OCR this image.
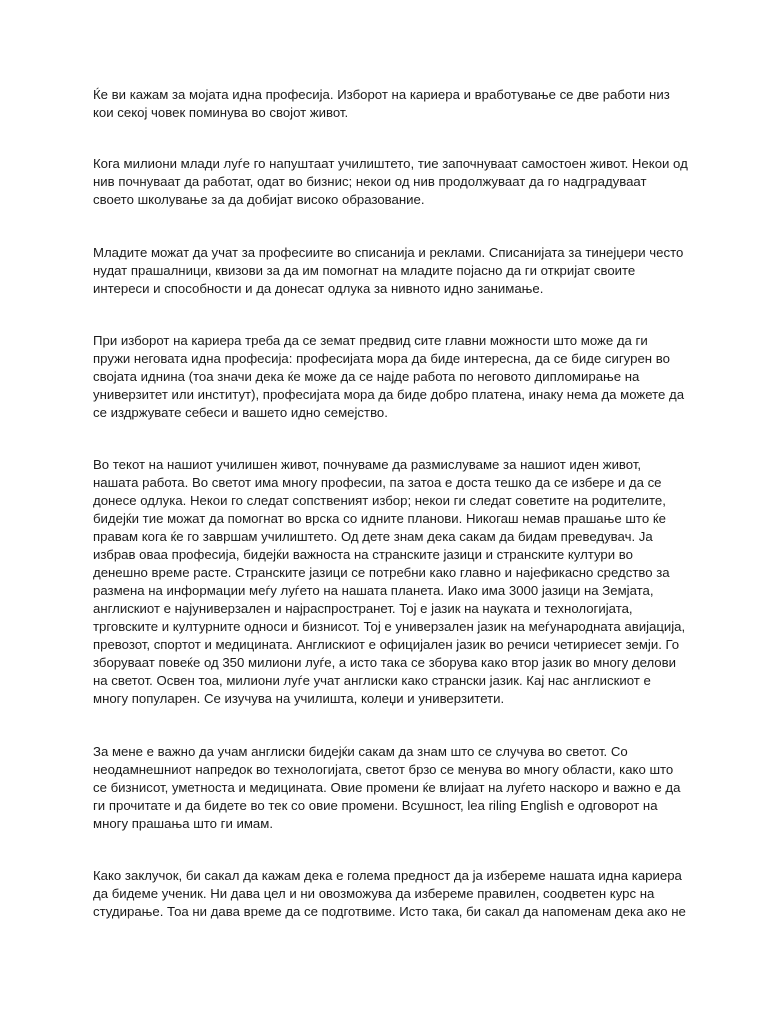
Ќе ви кажам за мојата идна професија. Изборот на кариера и вработување се две работи низ кои секој човек поминува во својот живот.

Кога милиони млади луѓе го напуштаат училиштето, тие започнуваат самостоен живот. Некои од нив почнуваат да работат, одат во бизнис; некои од нив продолжуваат да го надградуваат своето школување за да добијат високо образование.

Младите можат да учат за професиите во списанија и реклами. Списанијата за тинејџери често нудат прашалници, квизови за да им помогнат на младите појасно да ги откријат своите интереси и способности и да донесат одлука за нивното идно занимање.

При изборот на кариера треба да се земат предвид сите главни можности што може да ги пружи неговата идна професија: професијата мора да биде интересна, да се биде сигурен во својата иднина (тоа значи дека ќе може да се најде работа по неговото дипломирање на универзитет или институт), професијата мора да биде добро платена, инаку нема да можете да се издржувате себеси и вашето идно семејство.

Во текот на нашиот училишен живот, почнуваме да размислуваме за нашиот иден живот, нашата работа. Во светот има многу професии, па затоа е доста тешко да се избере и да се донесе одлука. Некои го следат сопственият избор; некои ги следат советите на родителите, бидејќи тие можат да помогнат во врска со идните планови. Никогаш немав прашање што ќе правам кога ќе го завршам училиштето. Од дете знам дека сакам да бидам преведувач. Ја избрав оваа професија, бидејќи важноста на странските јазици и странските култури во денешно време расте. Странските јазици се потребни како главно и најефикасно средство за размена на информации меѓу луѓето на нашата планета. Иако има 3000 јазици на Земјата, англискиот е најуниверзален и најраспространет. Тој е јазик на науката и технологијата, трговските и културните односи и бизнисот. Тој е универзален јазик на меѓународната авијација, превозот, спортот и медицината. Англискиот е официјален јазик во речиси четириесет земји. Го зборуваат повеќе од 350 милиони луѓе, а исто така се зборува како втор јазик во многу делови на светот. Освен тоа, милиони луѓе учат англиски како странски јазик. Кај нас англискиот е многу популарен. Се изучува на училишта, колеџи и универзитети.

За мене е важно да учам англиски бидејќи сакам да знам што се случува во светот. Со неодамнешниот напредок во технологијата, светот брзо се менува во многу области, како што се бизнисот, уметноста и медицината. Овие промени ќе влијаат на луѓето наскоро и важно е да ги прочитате и да бидете во тек со овие промени. Всушност, lea riling English е одговорот на многу прашања што ги имам.

Како заклучок, би сакал да кажам дека е голема предност да ја избереме нашата идна кариера да бидеме ученик. Ни дава цел и ни овозможува да избереме правилен, соодветен курс на студирање. Тоа ни дава време да се подготвиме. Исто така, би сакал да напоменам дека ако не
